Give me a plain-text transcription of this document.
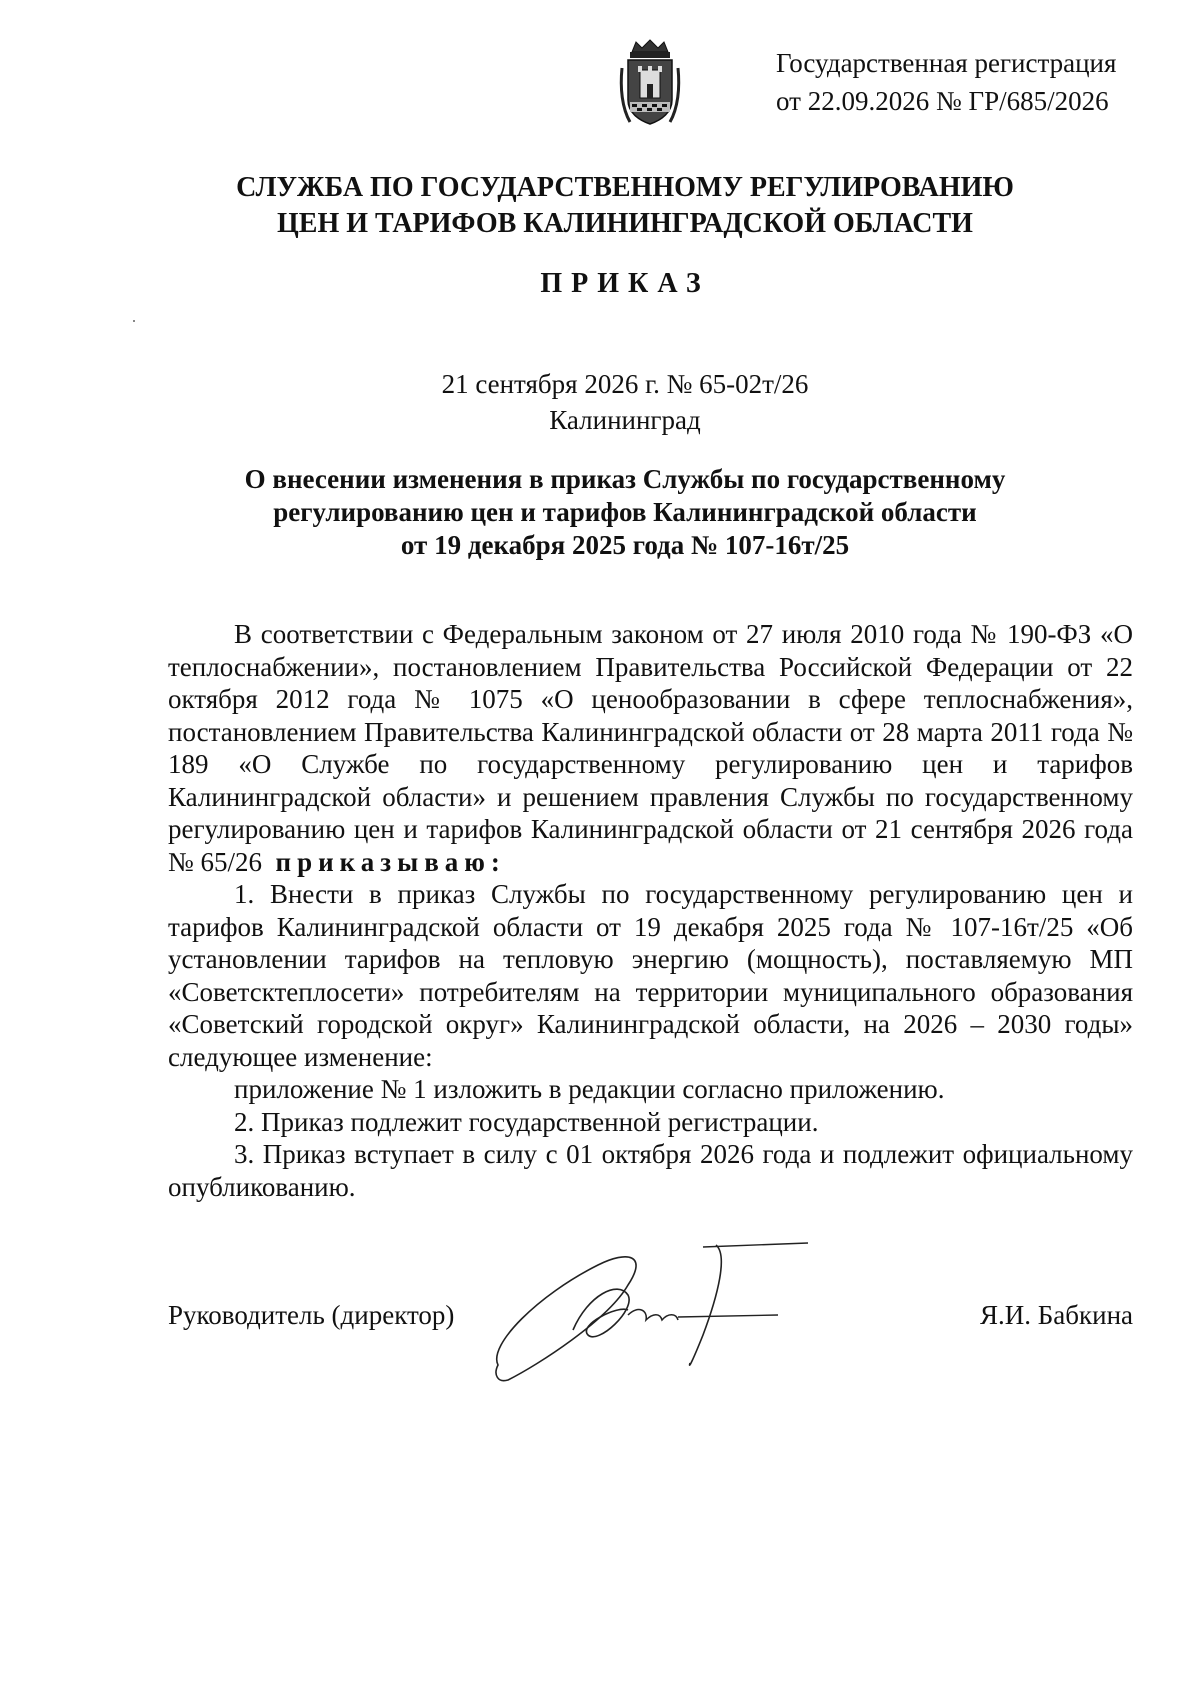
Государственная регистрация
от 22.09.2026 № ГР/685/2026
СЛУЖБА ПО ГОСУДАРСТВЕННОМУ РЕГУЛИРОВАНИЮ
ЦЕН И ТАРИФОВ КАЛИНИНГРАДСКОЙ ОБЛАСТИ
ПРИКАЗ
21 сентября 2026 г. № 65-02т/26
Калининград
О внесении изменения в приказ Службы по государственному
регулированию цен и тарифов Калининградской области
от 19 декабря 2025 года № 107-16т/25

В соответствии с Федеральным законом от 27 июля 2010 года № 190-ФЗ «О теплоснабжении», постановлением Правительства Российской Федерации от 22 октября 2012 года № 1075 «О ценообразовании в сфере теплоснабжения», постановлением Правительства Калининградской области от 28 марта 2011 года № 189 «О Службе по государственному регулированию цен и тарифов Калининградской области» и решением правления Службы по государственному регулированию цен и тарифов Калининградской области от 21 сентября 2026 года № 65/26 приказываю:

1. Внести в приказ Службы по государственному регулированию цен и тарифов Калининградской области от 19 декабря 2025 года № 107-16т/25 «Об установлении тарифов на тепловую энергию (мощность), поставляемую МП «Советсктеплосети» потребителям на территории муниципального образования «Советский городской округ» Калининградской области, на 2026 – 2030 годы» следующее изменение:

приложение № 1 изложить в редакции согласно приложению.

2. Приказ подлежит государственной регистрации.

3. Приказ вступает в силу с 01 октября 2026 года и подлежит официальному опубликованию.

Руководитель (директор)	Я.И. Бабкина
